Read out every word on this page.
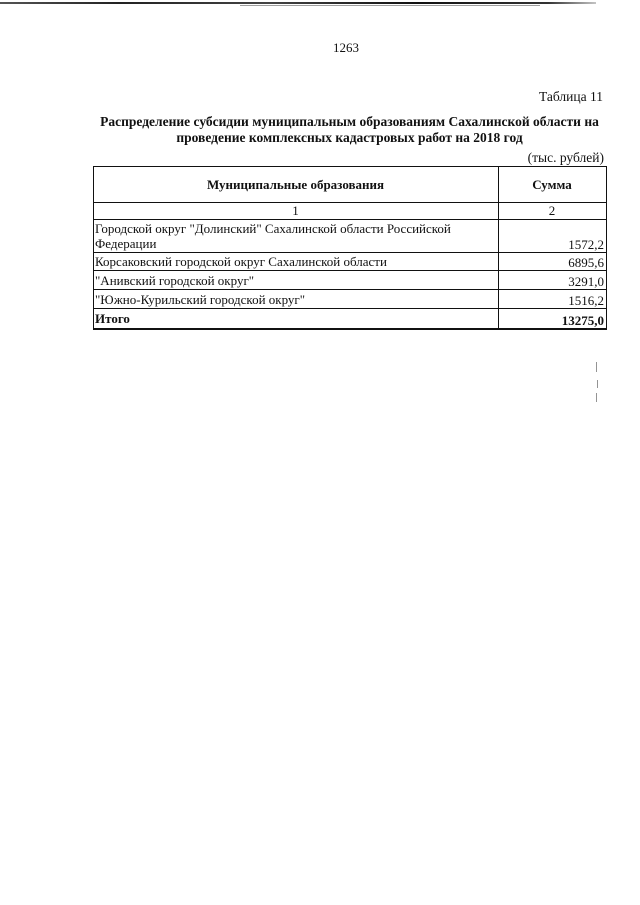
1263
Таблица 11
Распределение субсидии муниципальным образованиям Сахалинской области на
проведение комплексных кадастровых работ на 2018 год
(тыс. рублей)
Муниципальные образования	Сумма
1	2
Городской округ "Долинский" Сахалинской области Российской Федерации	1572,2
Корсаковский городской округ Сахалинской области	6895,6
"Анивский городской округ"	3291,0
"Южно-Курильский городской округ"	1516,2
Итого	13275,0
